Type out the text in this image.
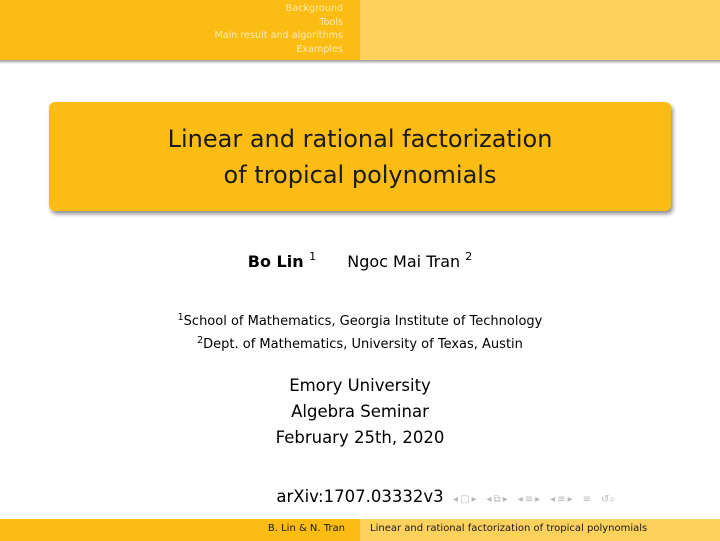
Background
Tools
Main result and algorithms
Examples
Linear and rational factorization
of tropical polynomials
Bo Lin $^1$ Ngoc Mai Tran $^2$
$^1$School of Mathematics, Georgia Institute of Technology
$^2$Dept. of Mathematics, University of Texas, Austin
Emory University
Algebra Seminar
February 25th, 2020
arXiv:1707.03332v3 ◂ □ ▸ ◂ ⧉ ▸ ◂ ≡ ▸ ◂ ≡ ▸ ≡ ↺⌕
B. Lin & N. Tran	Linear and rational factorization of tropical polynomials
